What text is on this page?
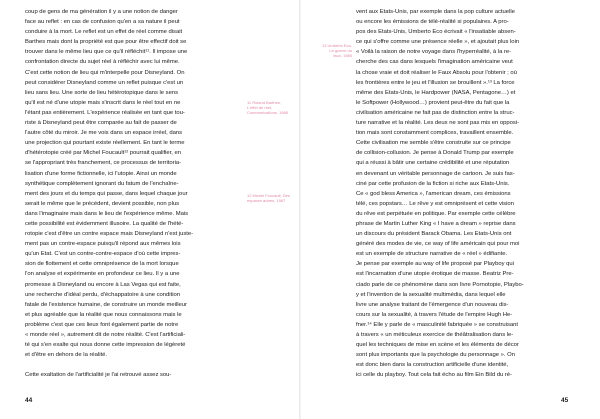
coup de gens de ma génération il y a une notion de danger
face au reflet : en cas de confusion qu'en a sa nature il peut
conduire à la mort. Le reflet est un effet de réel comme disait
Barthes mais dont la propriété est que pour être effectif doit se
trouver dans le même lieu que ce qu'il réfléchit¹¹. Il impose une
confrontation directe du sujet réel à réfléchir avec lui même.
C'est cette notion de lieu qui m'interpelle pour Disneyland. On
peut considérer Disneyland comme un reflet puisque c'est un
lieu sans lieu. Une sorte de lieu hétérotopique dans le sens
qu'il est né d'une utopie mais s'inscrit dans le réel tout en ne
l'étant pas entièrement. L'expérience réalisée en tant que tou-
riste à Disneyland peut être comparée au fait de passer de
l'autre côté du miroir. Je me vois dans un espace irréel, dans
une projection qui pourtant existe réellement. En tant le terme
d'hétérotopie créé par Michel Foucault¹² pourrait qualifier, en
se l'appropriant très franchement, ce processus de territoria-
lisation d'une forme fictionnelle, ici l'utopie. Ainsi un monde
synthétique complètement ignorant du fatum de l'enchaîne-
ment des jours et du temps qui passe, dans lequel chaque jour
serait le même que le précédent, devient possible, non plus
dans l'imaginaire mais dans le lieu de l'expérience même. Mais
cette possibilité est évidemment illusoire. La qualité de l'hété-
rotopie c'est d'être un contre espace mais Disneyland n'est juste-
ment pas un contre-espace puisqu'il répond aux mêmes lois
qu'un Etat. C'est un contre-contre-espace d'où cette impres-
sion de flottement et cette omniprésence de la mort lorsque
l'on analyse et expérimente en profondeur ce lieu. Il y a une
promesse à Disneyland ou encore à Las Vegas qui est faite,
une recherche d'idéal perdu, d'échappatoire à une condition
fatale de l'existence humaine, de construire un monde meilleur
et plus agréable que la réalité que nous connaissons mais le
problème c'est que ces lieux font également partie de notre
« monde réel », autrement dit de notre réalité. C'est l'artificiali-
té qui s'en exalte qui nous donne cette impression de légèreté
et d'être en dehors de la réalité.

Cette exaltation de l'artificialité je l'ai retrouvé assez sou-

11 Roland Barthes, L'effet de réel, Communications, 1968
12 Michel Foucault, Des espaces autres, 1967
44
13 Umberto Eco, La guerre du faux, 1985

vent aux Etats-Unis, par exemple dans la pop culture actuelle
ou encore les émissions de télé-réalité si populaires. A pro-
pos des Etats-Unis, Umberto Eco écrivait « l'insatiable absen-
ce qui s'offre comme une présence réelle », et ajoutait plus loin
« Voilà la raison de notre voyage dans l'hyperréalité, à la re-
cherche des cas dans lesquels l'imagination américaine veut
la chose vraie et doit réaliser le Faux Absolu pour l'obtenir ; où
les frontières entre le jeu et l'illusion se brouillent ».¹³ La force
même des Etats-Unis, le Hardpower (NASA, Pentagone…) et
le Softpower (Hollywood…) provient peut-être du fait que la
civilisation américaine ne fait pas de distinction entre la struc-
ture narrative et la réalité. Les deux ne sont pas mis en opposi-
tion mais sont constamment complices, travaillent ensemble.
Cette civilisation me semble s'être construite sur ce principe
de collision-collusion. Je pense à Donald Trump par exemple
qui a réussi à bâtir une certaine crédibilité et une réputation
en devenant un véritable personnage de cartoon. Je suis fas-
ciné par cette profusion de la fiction si riche aux Etats-Unis.
Ce « god bless America », l'american dream, ces émissions
télé, ces popstars… Le rêve y est omniprésent et cette vision
du rêve est perpétuée en politique. Par exemple cette célèbre
phrase de Martin Luther King « I have a dream » reprise dans
un discours du président Barack Obama. Les Etats-Unis ont
généré des modes de vie, ce way of life américain qui pour moi
est un exemple de structure narrative de « réel » édifiante.
Je pense par exemple au way of life proposé par Playboy qui
est l'incarnation d'une utopie érotique de masse. Beatriz Pre-
ciado parle de ce phénomène dans son livre Pornotopie, Playbo-
y et l'invention de la sexualité multimédia, dans lequel elle
livre une analyse traitant de l'émergence d'un nouveau dis-
cours sur la sexualité, à travers l'étude de l'empire Hugh He-
fner.¹⁴ Elle y parle de « masculinité fabriquée » se construisant
à travers « un méticuleux exercice de théâtralisation dans le-
quel les techniques de mise en scène et les éléments de décor
sont plus importants que la psychologie du personnage ». On
est donc bien dans la construction artificielle d'une identité,
ici celle du playboy. Tout cela fait écho au film Ein Bild du ré-

45
